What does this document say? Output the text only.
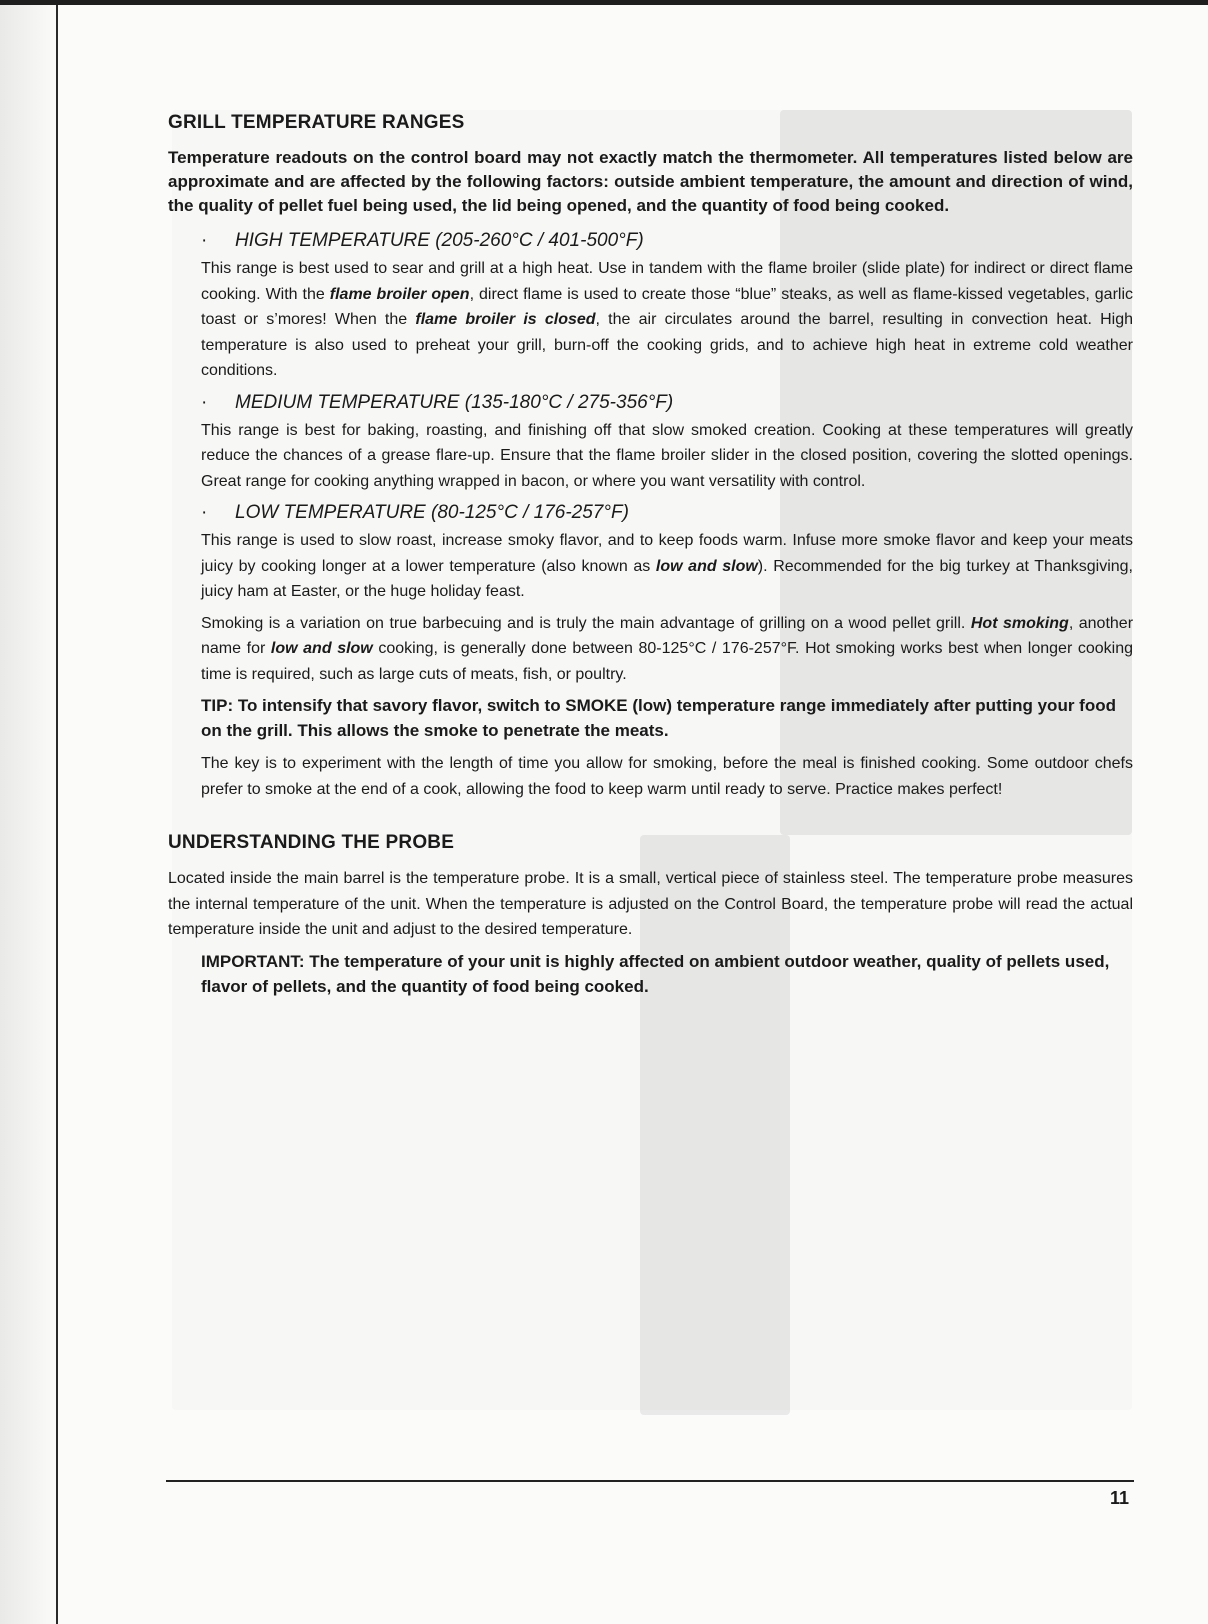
GRILL TEMPERATURE RANGES

Temperature readouts on the control board may not exactly match the thermometer. All temperatures listed below are approximate and are affected by the following factors: outside ambient temperature, the amount and direction of wind, the quality of pellet fuel being used, the lid being opened, and the quantity of food being cooked.

· HIGH TEMPERATURE (205-260°C / 401-500°F)

This range is best used to sear and grill at a high heat. Use in tandem with the flame broiler (slide plate) for indirect or direct flame cooking. With the flame broiler open, direct flame is used to create those “blue” steaks, as well as flame-kissed vegetables, garlic toast or s’mores! When the flame broiler is closed, the air circulates around the barrel, resulting in convection heat. High temperature is also used to preheat your grill, burn-off the cooking grids, and to achieve high heat in extreme cold weather conditions.

· MEDIUM TEMPERATURE (135-180°C / 275-356°F)

This range is best for baking, roasting, and finishing off that slow smoked creation. Cooking at these temperatures will greatly reduce the chances of a grease flare-up. Ensure that the flame broiler slider in the closed position, covering the slotted openings. Great range for cooking anything wrapped in bacon, or where you want versatility with control.

· LOW TEMPERATURE (80-125°C / 176-257°F)

This range is used to slow roast, increase smoky flavor, and to keep foods warm. Infuse more smoke flavor and keep your meats juicy by cooking longer at a lower temperature (also known as low and slow). Recommended for the big turkey at Thanksgiving, juicy ham at Easter, or the huge holiday feast.

Smoking is a variation on true barbecuing and is truly the main advantage of grilling on a wood pellet grill. Hot smoking, another name for low and slow cooking, is generally done between 80-125°C / 176-257°F. Hot smoking works best when longer cooking time is required, such as large cuts of meats, fish, or poultry.

TIP: To intensify that savory flavor, switch to SMOKE (low) temperature range immediately after putting your food on the grill. This allows the smoke to penetrate the meats.

The key is to experiment with the length of time you allow for smoking, before the meal is finished cooking. Some outdoor chefs prefer to smoke at the end of a cook, allowing the food to keep warm until ready to serve. Practice makes perfect!

UNDERSTANDING THE PROBE

Located inside the main barrel is the temperature probe. It is a small, vertical piece of stainless steel. The temperature probe measures the internal temperature of the unit. When the temperature is adjusted on the Control Board, the temperature probe will read the actual temperature inside the unit and adjust to the desired temperature.

IMPORTANT: The temperature of your unit is highly affected on ambient outdoor weather, quality of pellets used, flavor of pellets, and the quantity of food being cooked.

11
